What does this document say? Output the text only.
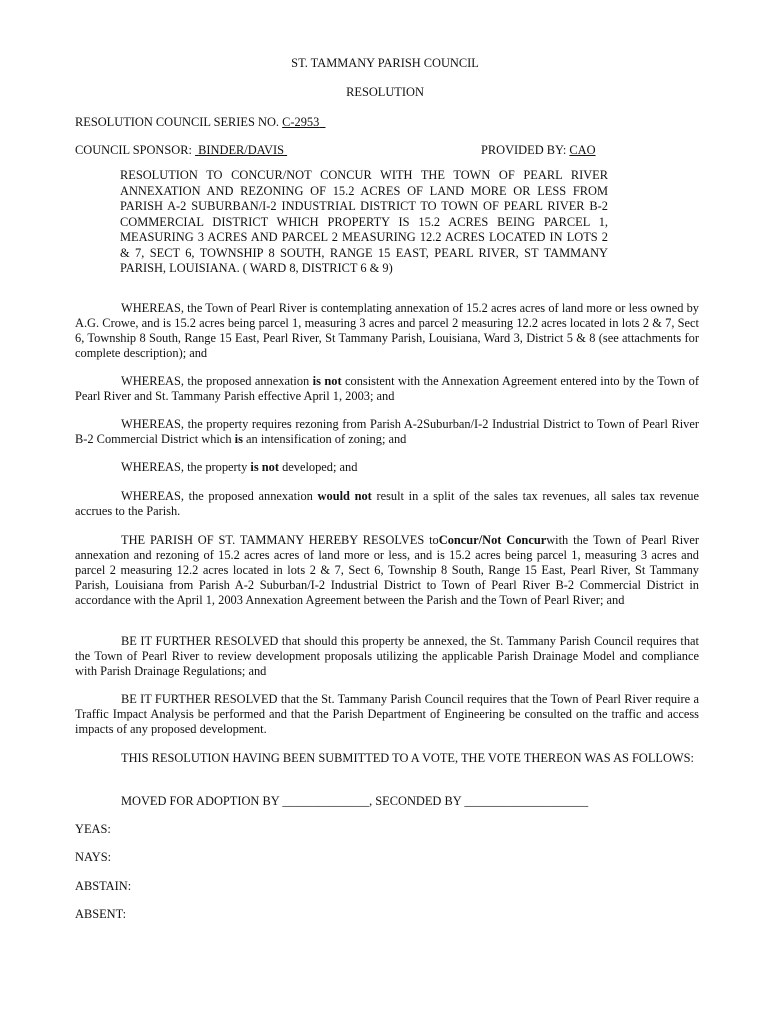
ST. TAMMANY PARISH COUNCIL
RESOLUTION
RESOLUTION COUNCIL SERIES NO. C-2953
COUNCIL SPONSOR: BINDER/DAVIS	PROVIDED BY: CAO
RESOLUTION TO CONCUR/NOT CONCUR WITH THE TOWN OF PEARL RIVER ANNEXATION AND REZONING OF 15.2 ACRES OF LAND MORE OR LESS FROM PARISH A-2 SUBURBAN/I-2 INDUSTRIAL DISTRICT TO TOWN OF PEARL RIVER B-2 COMMERCIAL DISTRICT WHICH PROPERTY IS 15.2 ACRES BEING PARCEL 1, MEASURING 3 ACRES AND PARCEL 2 MEASURING 12.2 ACRES LOCATED IN LOTS 2 & 7, SECT 6, TOWNSHIP 8 SOUTH, RANGE 15 EAST, PEARL RIVER, ST TAMMANY PARISH, LOUISIANA. ( WARD 8, DISTRICT 6 & 9)
WHEREAS, the Town of Pearl River is contemplating annexation of 15.2 acres acres of land more or less owned by A.G. Crowe, and is 15.2 acres being parcel 1, measuring 3 acres and parcel 2 measuring 12.2 acres located in lots 2 & 7, Sect 6, Township 8 South, Range 15 East, Pearl River, St Tammany Parish, Louisiana, Ward 3, District 5 & 8 (see attachments for complete description); and
WHEREAS, the proposed annexation is not consistent with the Annexation Agreement entered into by the Town of Pearl River and St. Tammany Parish effective April 1, 2003; and
WHEREAS, the property requires rezoning from Parish A-2Suburban/I-2 Industrial District to Town of Pearl River B-2 Commercial District which is an intensification of zoning; and
WHEREAS, the property is not developed; and
WHEREAS, the proposed annexation would not result in a split of the sales tax revenues, all sales tax revenue accrues to the Parish.
THE PARISH OF ST. TAMMANY HEREBY RESOLVES toConcur/Not Concurwith the Town of Pearl River annexation and rezoning of 15.2 acres acres of land more or less, and is 15.2 acres being parcel 1, measuring 3 acres and parcel 2 measuring 12.2 acres located in lots 2 & 7, Sect 6, Township 8 South, Range 15 East, Pearl River, St Tammany Parish, Louisiana from Parish A-2 Suburban/I-2 Industrial District to Town of Pearl River B-2 Commercial District in accordance with the April 1, 2003 Annexation Agreement between the Parish and the Town of Pearl River; and
BE IT FURTHER RESOLVED that should this property be annexed, the St. Tammany Parish Council requires that the Town of Pearl River to review development proposals utilizing the applicable Parish Drainage Model and compliance with Parish Drainage Regulations; and
BE IT FURTHER RESOLVED that the St. Tammany Parish Council requires that the Town of Pearl River require a Traffic Impact Analysis be performed and that the Parish Department of Engineering be consulted on the traffic and access impacts of any proposed development.
THIS RESOLUTION HAVING BEEN SUBMITTED TO A VOTE, THE VOTE THEREON WAS AS FOLLOWS:
MOVED FOR ADOPTION BY ______________, SECONDED BY ____________________
YEAS:
NAYS:
ABSTAIN:
ABSENT:
